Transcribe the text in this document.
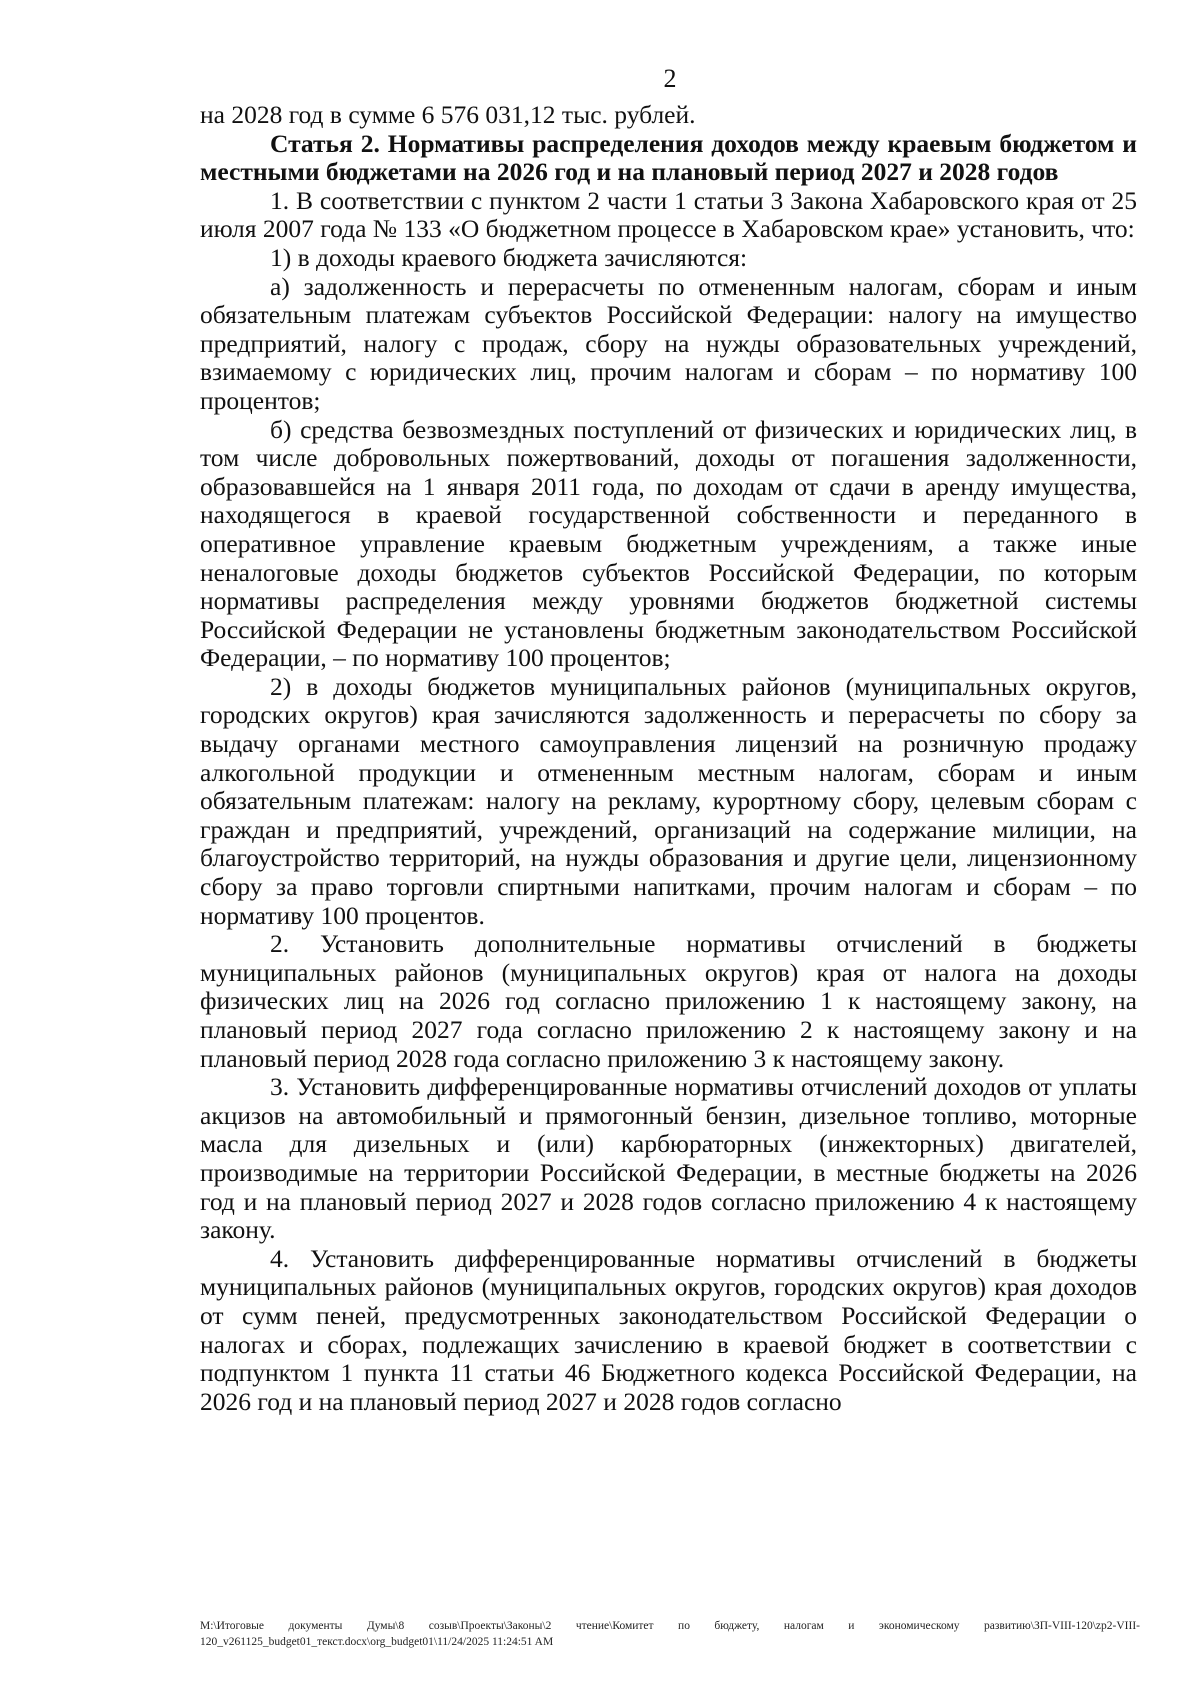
2

на 2028 год в сумме 6 576 031,12 тыс. рублей.

Статья 2. Нормативы распределения доходов между краевым бюджетом и местными бюджетами на 2026 год и на плановый период 2027 и 2028 годов

1. В соответствии с пунктом 2 части 1 статьи 3 Закона Хабаровского края от 25 июля 2007 года № 133 «О бюджетном процессе в Хабаровском крае» установить, что:

1) в доходы краевого бюджета зачисляются:

а) задолженность и перерасчеты по отмененным налогам, сборам и иным обязательным платежам субъектов Российской Федерации: налогу на имущество предприятий, налогу с продаж, сбору на нужды образовательных учреждений, взимаемому с юридических лиц, прочим налогам и сборам – по нормативу 100 процентов;

б) средства безвозмездных поступлений от физических и юридических лиц, в том числе добровольных пожертвований, доходы от погашения задолженности, образовавшейся на 1 января 2011 года, по доходам от сдачи в аренду имущества, находящегося в краевой государственной собственности и переданного в оперативное управление краевым бюджетным учреждениям, а также иные неналоговые доходы бюджетов субъектов Российской Федерации, по которым нормативы распределения между уровнями бюджетов бюджетной системы Российской Федерации не установлены бюджетным законодательством Российской Федерации, – по нормативу 100 процентов;

2) в доходы бюджетов муниципальных районов (муниципальных округов, городских округов) края зачисляются задолженность и перерасчеты по сбору за выдачу органами местного самоуправления лицензий на розничную продажу алкогольной продукции и отмененным местным налогам, сборам и иным обязательным платежам: налогу на рекламу, курортному сбору, целевым сборам с граждан и предприятий, учреждений, организаций на содержание милиции, на благоустройство территорий, на нужды образования и другие цели, лицензионному сбору за право торговли спиртными напитками, прочим налогам и сборам – по нормативу 100 процентов.

2. Установить дополнительные нормативы отчислений в бюджеты муниципальных районов (муниципальных округов) края от налога на доходы физических лиц на 2026 год согласно приложению 1 к настоящему закону, на плановый период 2027 года согласно приложению 2 к настоящему закону и на плановый период 2028 года согласно приложению 3 к настоящему закону.

3. Установить дифференцированные нормативы отчислений доходов от уплаты акцизов на автомобильный и прямогонный бензин, дизельное топливо, моторные масла для дизельных и (или) карбюраторных (инжекторных) двигателей, производимые на территории Российской Федерации, в местные бюджеты на 2026 год и на плановый период 2027 и 2028 годов согласно приложению 4 к настоящему закону.

4. Установить дифференцированные нормативы отчислений в бюджеты муниципальных районов (муниципальных округов, городских округов) края доходов от сумм пеней, предусмотренных законодательством Российской Федерации о налогах и сборах, подлежащих зачислению в краевой бюджет в соответствии с подпунктом 1 пункта 11 статьи 46 Бюджетного кодекса Российской Федерации, на 2026 год и на плановый период 2027 и 2028 годов согласно

M:\Итоговые документы Думы\8 созыв\Проекты\Законы\2 чтение\Комитет по бюджету, налогам и экономическому развитию\ЗП-VIII-120\zp2-VIII-120_v261125_budget01_текст.docx\org_budget01\11/24/2025 11:24:51 AM
